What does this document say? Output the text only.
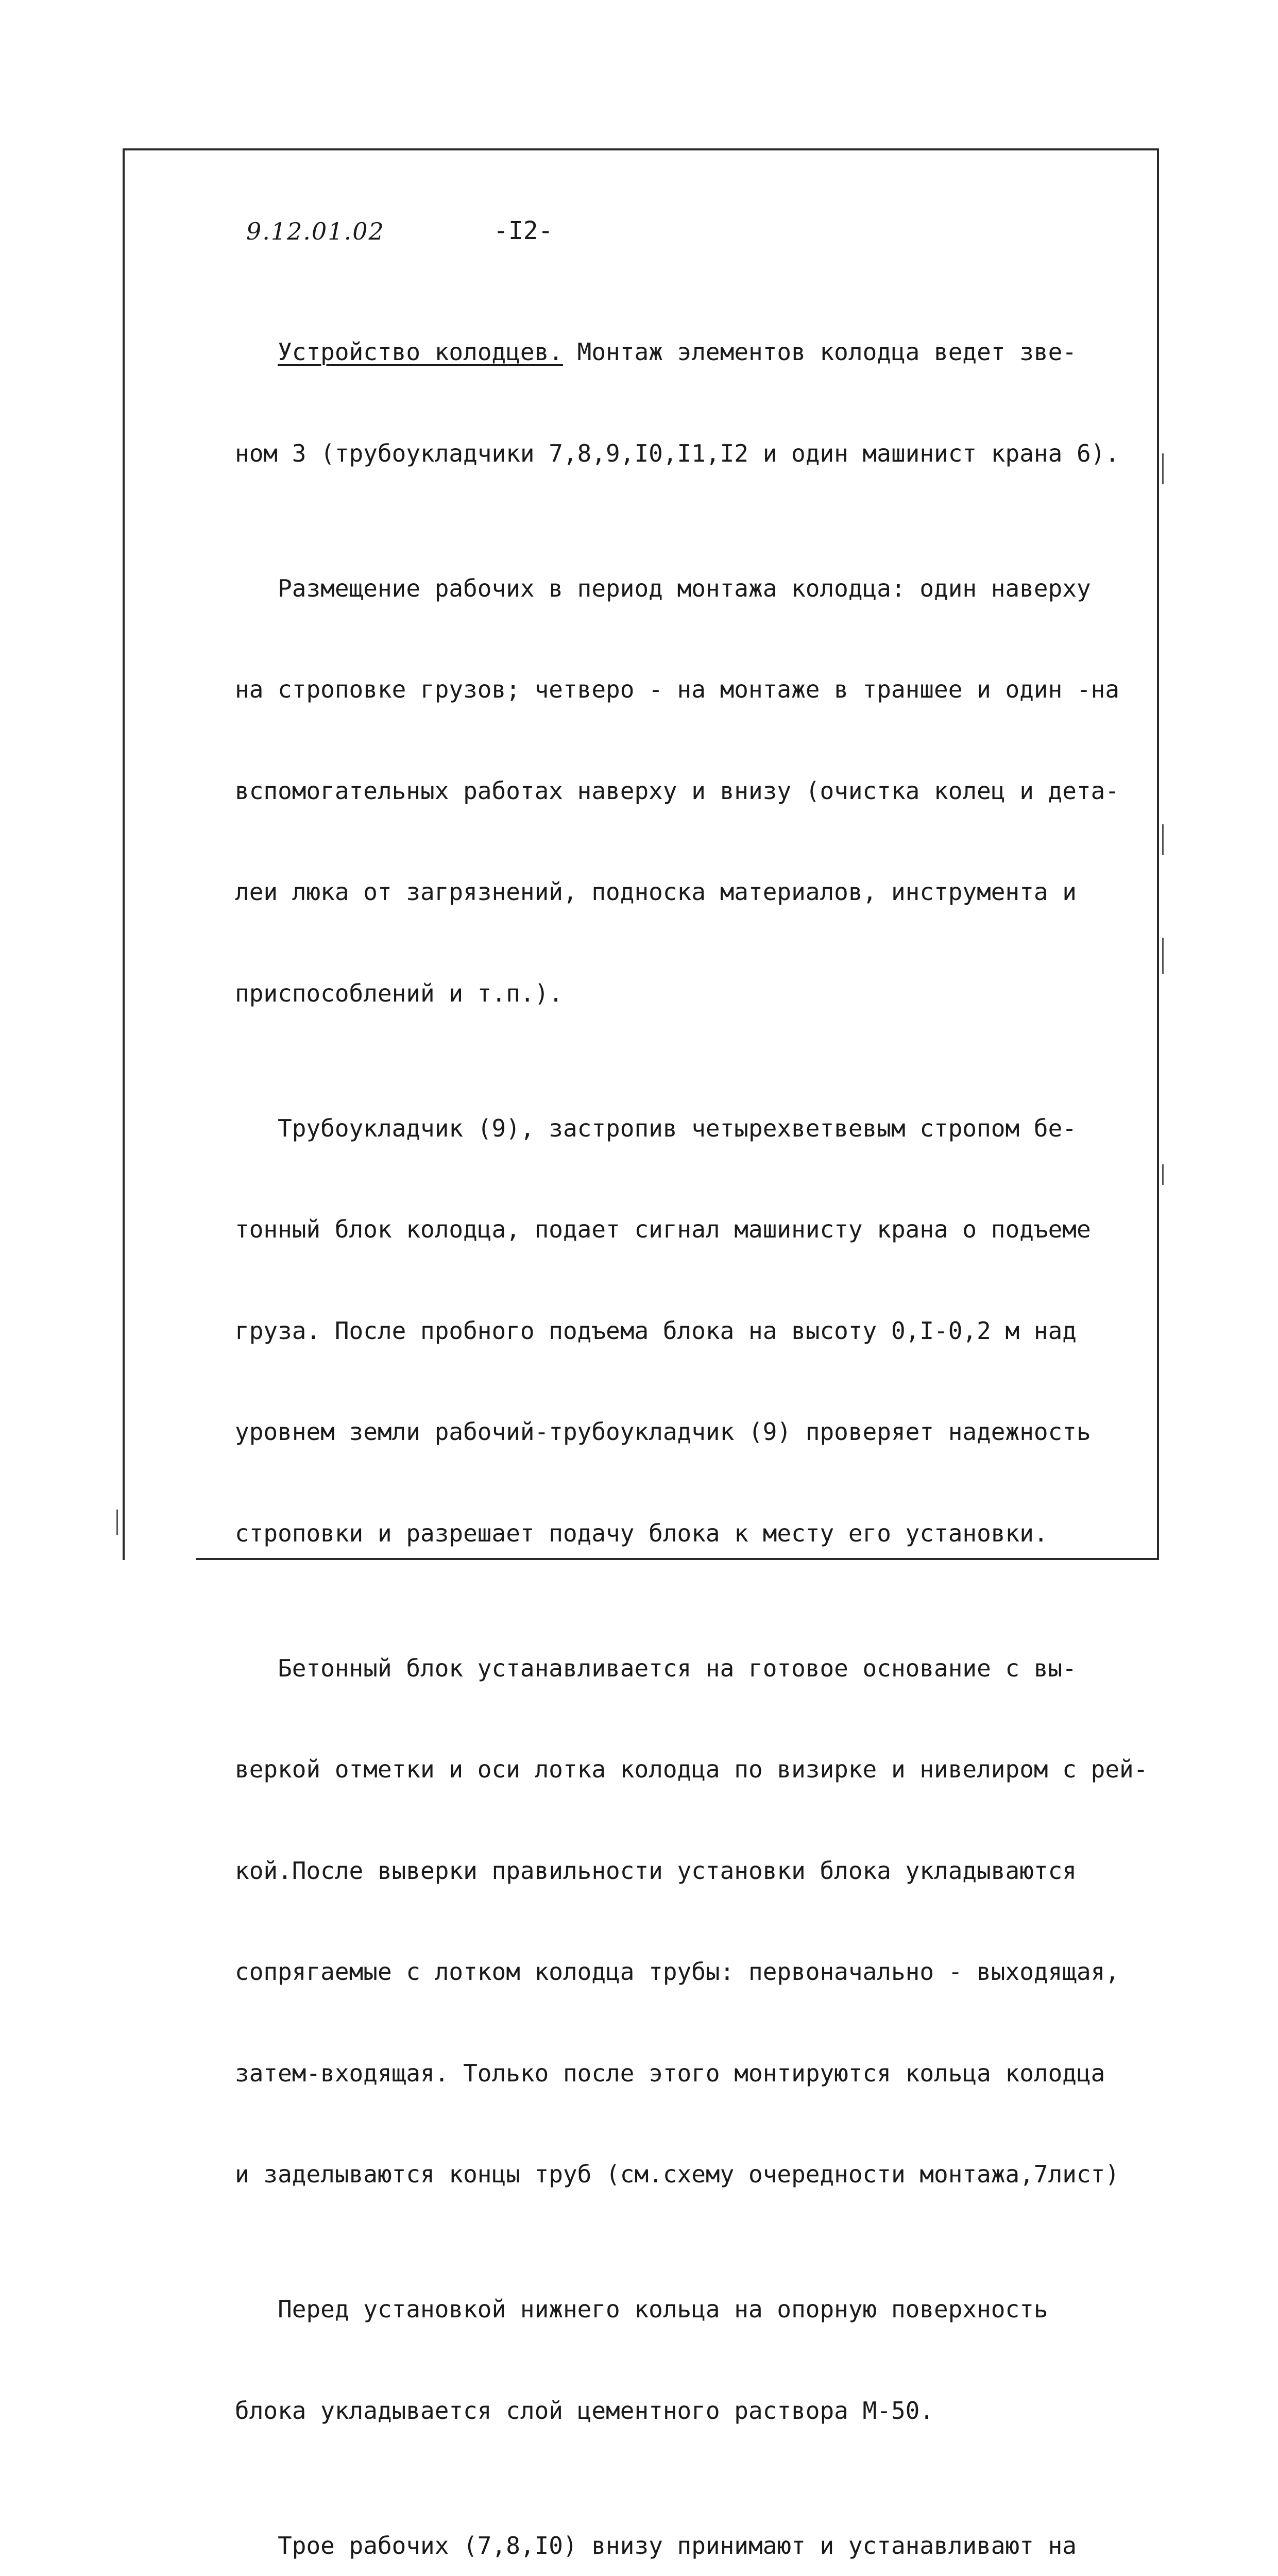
9.12.01.02	-I2-

Устройство колодцев. Монтаж элементов колодца ведет зве-

ном 3 (трубоукладчики 7,8,9,I0,I1,I2 и один машинист крана 6).

Размещение рабочих в период монтажа колодца: один наверху

на строповке грузов; четверо - на монтаже в траншее и один -на

вспомогательных работах наверху и внизу (очистка колец и дета-

леи люка от загрязнений, подноска материалов, инструмента и

приспособлений и т.п.).

Трубоукладчик (9), застропив четырехветвевым стропом бе-

тонный блок колодца, подает сигнал машинисту крана о подъеме

груза. После пробного подъема блока на высоту 0,I-0,2 м над

уровнем земли рабочий-трубоукладчик (9) проверяет надежность

строповки и разрешает подачу блока к месту его установки.

Бетонный блок устанавливается на готовое основание с вы-

веркой отметки и оси лотка колодца по визирке и нивелиром с рей-

кой.После выверки правильности установки блока укладываются

сопрягаемые с лотком колодца трубы: первоначально - выходящая,

затем-входящая. Только после этого монтируются кольца колодца

и заделываются концы труб (см.схему очередности монтажа,7лист)

Перед установкой нижнего кольца на опорную поверхность

блока укладывается слой цементного раствора М-50.

Трое рабочих (7,8,I0) внизу принимают и устанавливают на
